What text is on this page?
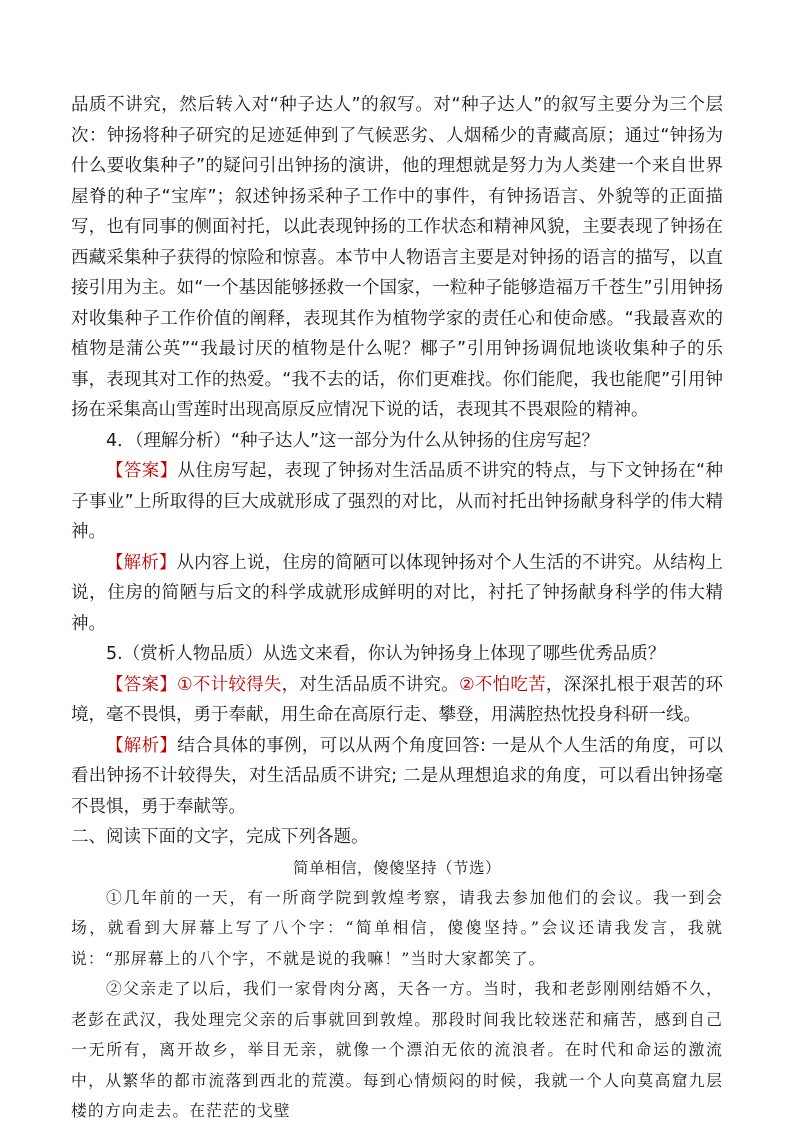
品质不讲究，然后转入对“种子达人”的叙写。对“种子达人”的叙写主要分为三个层次：钟扬将种子研究的足迹延伸到了气候恶劣、人烟稀少的青藏高原；通过“钟扬为什么要收集种子”的疑问引出钟扬的演讲，他的理想就是努力为人类建一个来自世界屋脊的种子“宝库”；叙述钟扬采种子工作中的事件，有钟扬语言、外貌等的正面描写，也有同事的侧面衬托，以此表现钟扬的工作状态和精神风貌，主要表现了钟扬在西藏采集种子获得的惊险和惊喜。本节中人物语言主要是对钟扬的语言的描写，以直接引用为主。如“一个基因能够拯救一个国家，一粒种子能够造福万千苍生”引用钟扬对收集种子工作价值的阐释，表现其作为植物学家的责任心和使命感。“我最喜欢的植物是蒲公英”“我最讨厌的植物是什么呢？椰子”引用钟扬调侃地谈收集种子的乐事，表现其对工作的热爱。“我不去的话，你们更难找。你们能爬，我也能爬”引用钟扬在采集高山雪莲时出现高原反应情况下说的话，表现其不畏艰险的精神。

4．（理解分析）“种子达人”这一部分为什么从钟扬的住房写起？

【答案】从住房写起，表现了钟扬对生活品质不讲究的特点，与下文钟扬在“种子事业”上所取得的巨大成就形成了强烈的对比，从而衬托出钟扬献身科学的伟大精神。

【解析】从内容上说，住房的简陋可以体现钟扬对个人生活的不讲究。从结构上说，住房的简陋与后文的科学成就形成鲜明的对比，衬托了钟扬献身科学的伟大精神。

5.（赏析人物品质）从选文来看，你认为钟扬身上体现了哪些优秀品质？

【答案】①不计较得失，对生活品质不讲究。②不怕吃苦，深深扎根于艰苦的环境，毫不畏惧，勇于奉献，用生命在高原行走、攀登，用满腔热忱投身科研一线。

【解析】结合具体的事例，可以从两个角度回答: 一是从个人生活的角度，可以看出钟扬不计较得失，对生活品质不讲究; 二是从理想追求的角度，可以看出钟扬毫不畏惧，勇于奉献等。

二、阅读下面的文字，完成下列各题。

简单相信，傻傻坚持（节选）

①几年前的一天，有一所商学院到敦煌考察，请我去参加他们的会议。我一到会场，就看到大屏幕上写了八个字：“简单相信，傻傻坚持。”会议还请我发言，我就说：“那屏幕上的八个字，不就是说的我嘛！”当时大家都笑了。

②父亲走了以后，我们一家骨肉分离，天各一方。当时，我和老彭刚刚结婚不久，老彭在武汉，我处理完父亲的后事就回到敦煌。那段时间我比较迷茫和痛苦，感到自己一无所有，离开故乡，举目无亲，就像一个漂泊无依的流浪者。在时代和命运的激流中，从繁华的都市流落到西北的荒漠。每到心情烦闷的时候，我就一个人向莫高窟九层楼的方向走去。在茫茫的戈壁
